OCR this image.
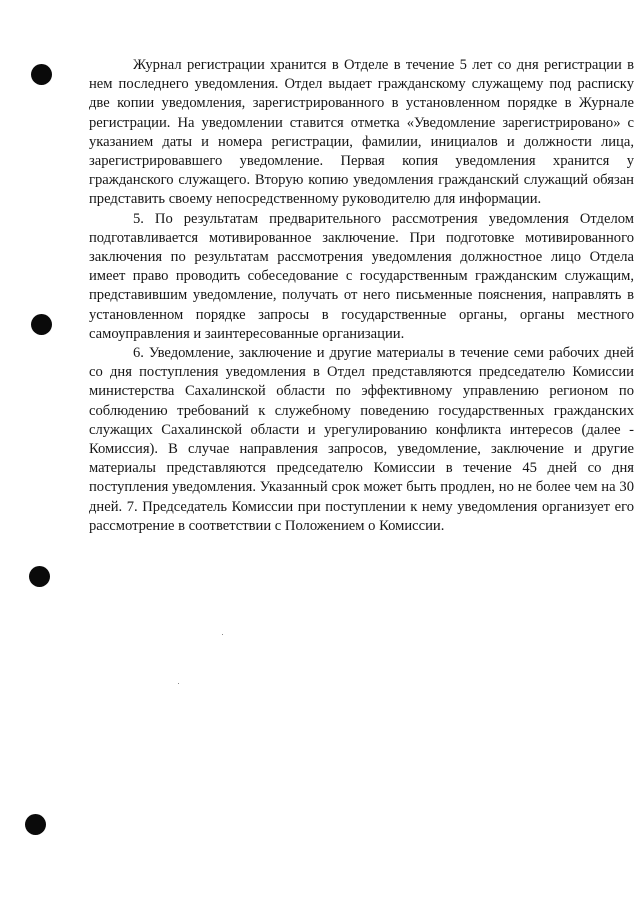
Журнал регистрации хранится в Отделе в течение 5 лет со дня регистрации в нем последнего уведомления. Отдел выдает гражданскому служащему под расписку две копии уведомления, зарегистрированного в установленном порядке в Журнале регистрации. На уведомлении ставится отметка «Уведомление зарегистрировано» с указанием даты и номера регистрации, фамилии, инициалов и должности лица, зарегистрировавшего уведомление. Первая копия уведомления хранится у гражданского служащего. Вторую копию уведомления гражданский служащий обязан представить своему непосредственному руководителю для информации.

5. По результатам предварительного рассмотрения уведомления Отделом подготавливается мотивированное заключение. При подготовке мотивированного заключения по результатам рассмотрения уведомления должностное лицо Отдела имеет право проводить собеседование с государственным гражданским служащим, представившим уведомление, получать от него письменные пояснения, направлять в установленном порядке запросы в государственные органы, органы местного самоуправления и заинтересованные организации.

6. Уведомление, заключение и другие материалы в течение семи рабочих дней со дня поступления уведомления в Отдел представляются председателю Комиссии министерства Сахалинской области по эффективному управлению регионом по соблюдению требований к служебному поведению государственных гражданских служащих Сахалинской области и урегулированию конфликта интересов (далее - Комиссия). В случае направления запросов, уведомление, заключение и другие материалы представляются председателю Комиссии в течение 45 дней со дня поступления уведомления. Указанный срок может быть продлен, но не более чем на 30 дней. 7. Председатель Комиссии при поступлении к нему уведомления организует его рассмотрение в соответствии с Положением о Комиссии.
